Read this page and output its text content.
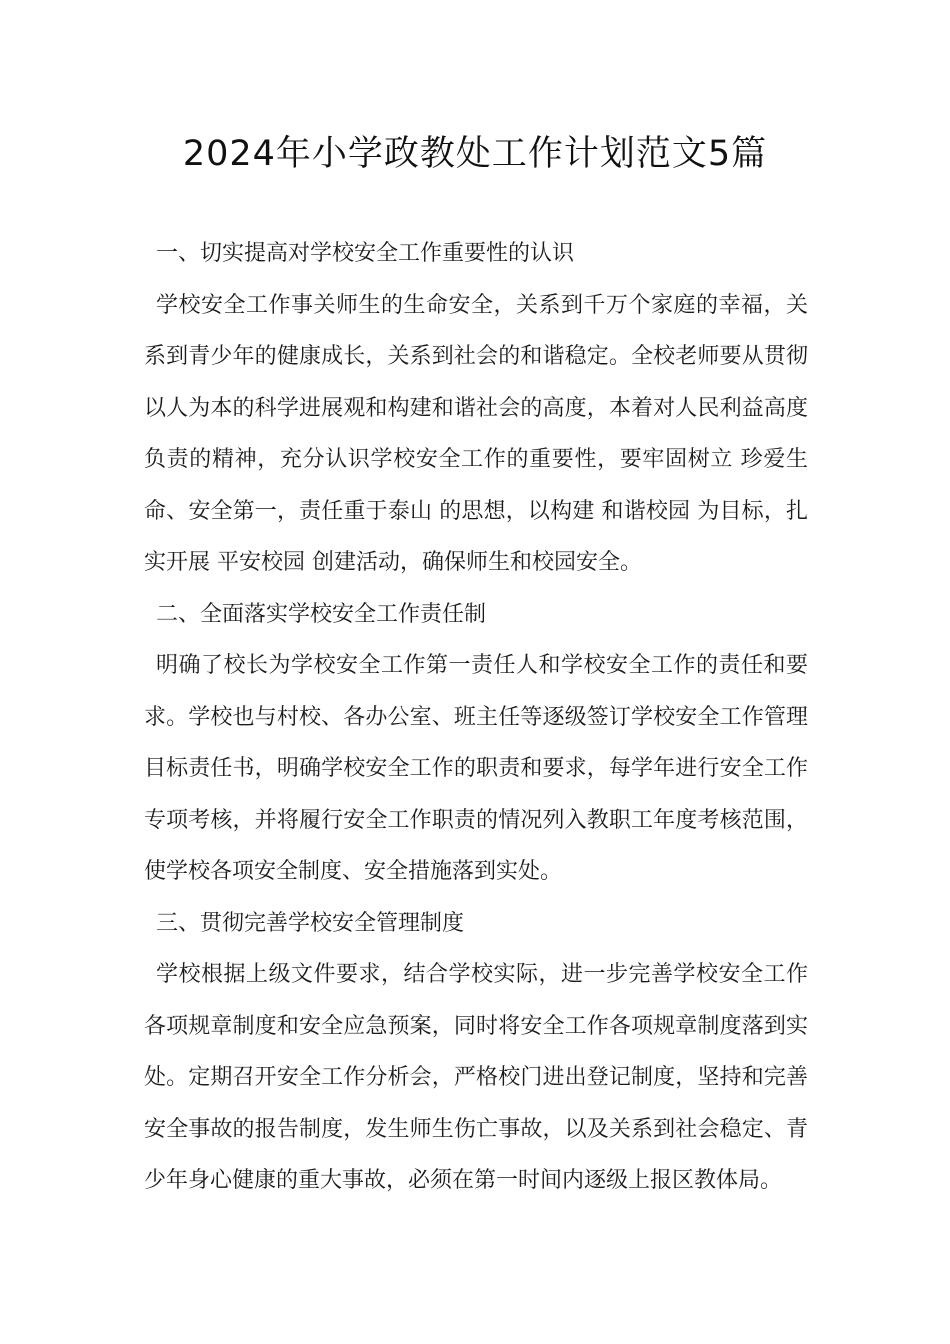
2024年小学政教处工作计划范文5篇

一、切实提高对学校安全工作重要性的认识

学校安全工作事关师生的生命安全，关系到千万个家庭的幸福，关系到青少年的健康成长，关系到社会的和谐稳定。全校老师要从贯彻以人为本的科学进展观和构建和谐社会的高度，本着对人民利益高度负责的精神，充分认识学校安全工作的重要性，要牢固树立 珍爱生命、安全第一，责任重于泰山 的思想，以构建 和谐校园 为目标，扎实开展 平安校园 创建活动，确保师生和校园安全。

二、全面落实学校安全工作责任制

明确了校长为学校安全工作第一责任人和学校安全工作的责任和要求。学校也与村校、各办公室、班主任等逐级签订学校安全工作管理目标责任书，明确学校安全工作的职责和要求，每学年进行安全工作专项考核，并将履行安全工作职责的情况列入教职工年度考核范围，使学校各项安全制度、安全措施落到实处。

三、贯彻完善学校安全管理制度

学校根据上级文件要求，结合学校实际，进一步完善学校安全工作各项规章制度和安全应急预案，同时将安全工作各项规章制度落到实处。定期召开安全工作分析会，严格校门进出登记制度，坚持和完善安全事故的报告制度，发生师生伤亡事故，以及关系到社会稳定、青少年身心健康的重大事故，必须在第一时间内逐级上报区教体局。
